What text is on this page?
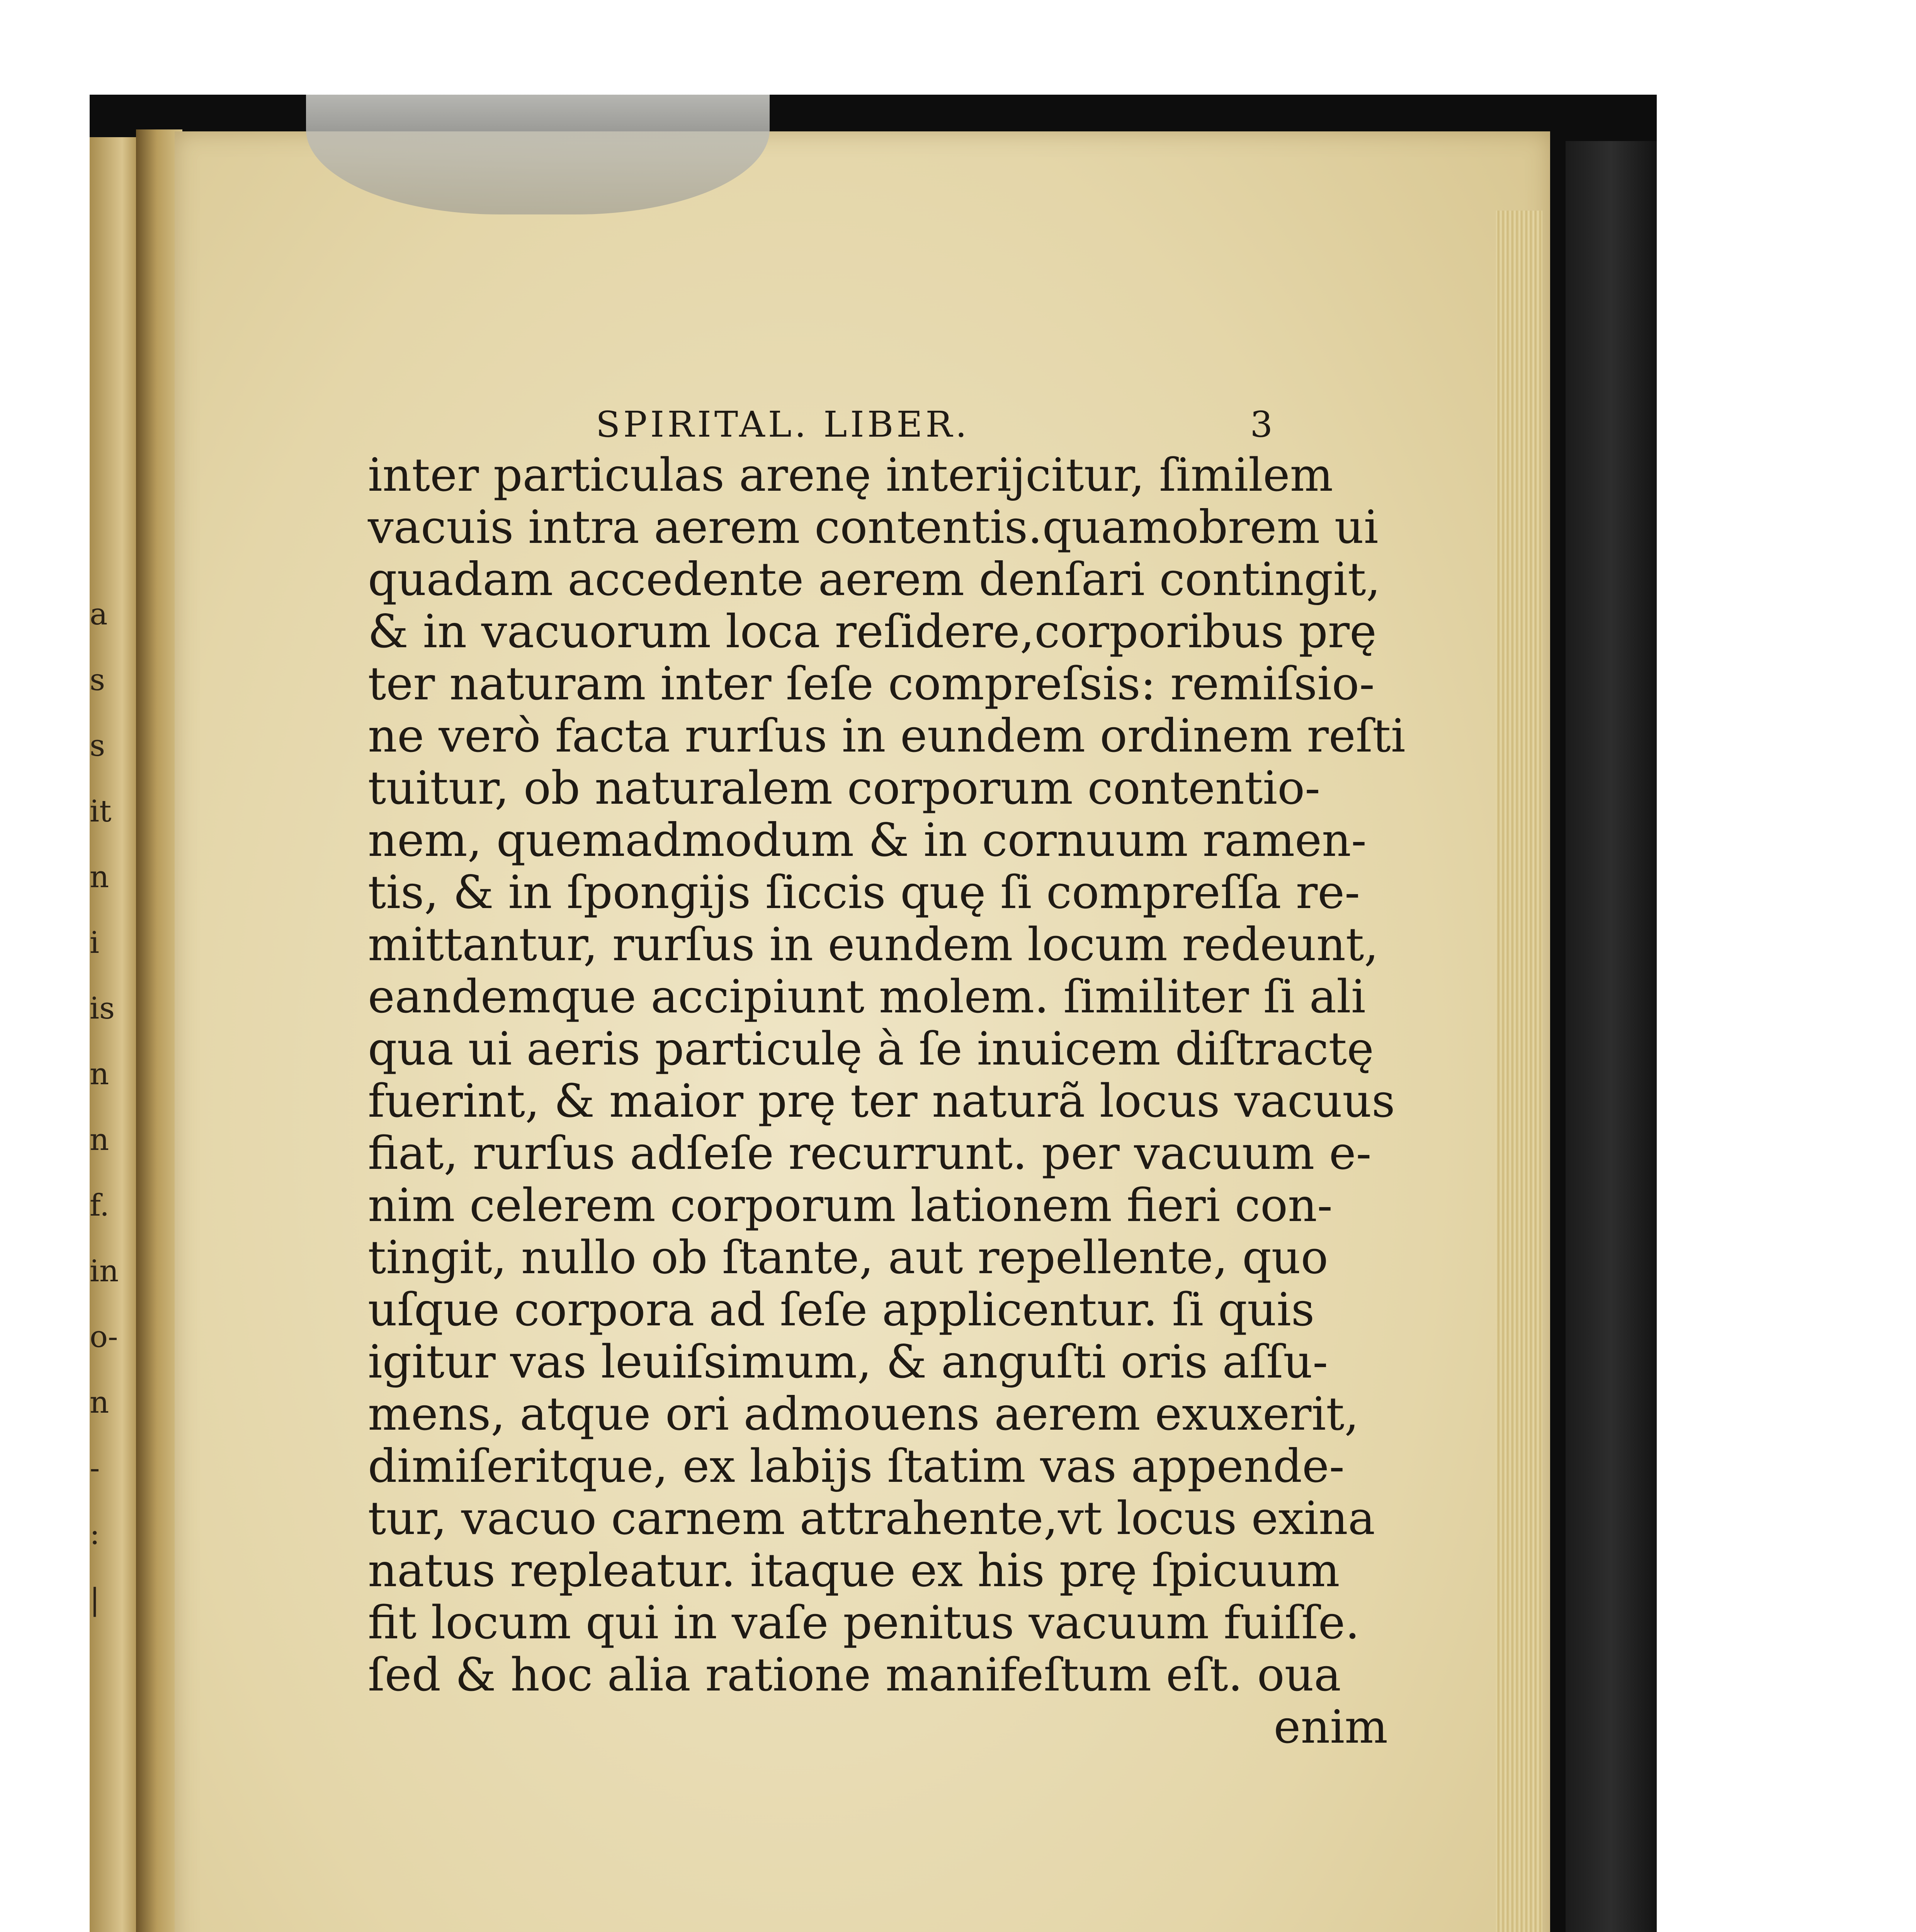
a
s
s
it
n
i
is
n
n
f.
in
o-
n
-
:
|
SPIRITAL. LIBER.	3
inter particulas arenę interijcitur, ſimilem
vacuis intra aerem contentis.quamobrem ui
quadam accedente aerem denſari contingit,
& in vacuorum loca reſidere,corporibus prę
ter naturam inter ſeſe compreſsis: remiſsio-
ne verò facta rurſus in eundem ordinem reſti
tuitur, ob naturalem corporum contentio-
nem, quemadmodum & in cornuum ramen-
tis, & in ſpongijs ſiccis quę ſi compreſſa re-
mittantur, rurſus in eundem locum redeunt,
eandemque accipiunt molem. ſimiliter ſi ali
qua ui aeris particulę à ſe inuicem diſtractę
fuerint, & maior prę ter naturã locus vacuus
fiat, rurſus adſeſe recurrunt. per vacuum e-
nim celerem corporum lationem fieri con-
tingit, nullo ob ſtante, aut repellente, quo
uſque corpora ad ſeſe applicentur. ſi quis
igitur vas leuiſsimum, & anguſti oris aſſu-
mens, atque ori admouens aerem exuxerit,
dimiſeritque, ex labijs ſtatim vas appende-
tur, vacuo carnem attrahente,vt locus exina
natus repleatur. itaque ex his prę ſpicuum
fit locum qui in vaſe penitus vacuum fuiſſe.
ſed & hoc alia ratione manifeſtum eſt. oua
enim
